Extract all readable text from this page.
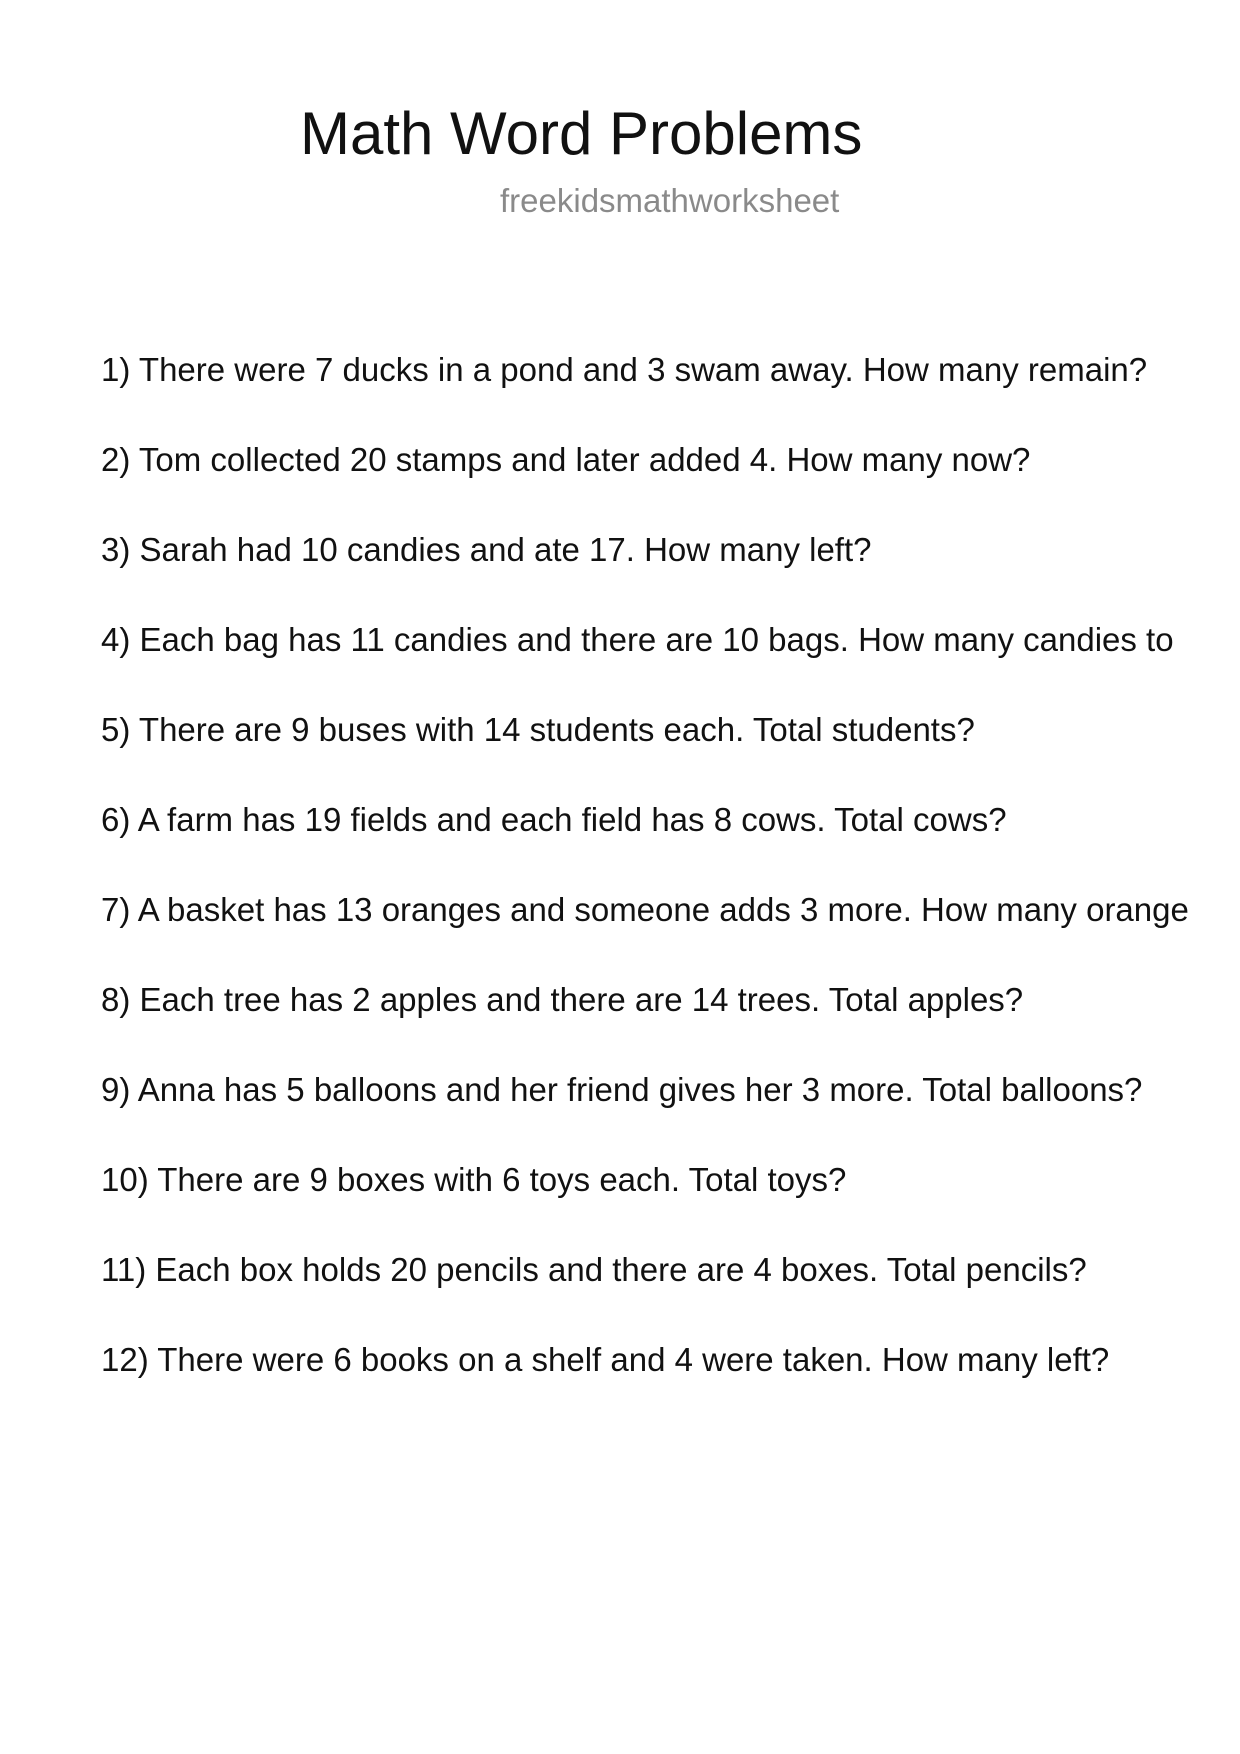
Math Word Problems
freekidsmathworksheet
1) There were 7 ducks in a pond and 3 swam away. How many remain?
2) Tom collected 20 stamps and later added 4. How many now?
3) Sarah had 10 candies and ate 17. How many left?
4) Each bag has 11 candies and there are 10 bags. How many candies to
5) There are 9 buses with 14 students each. Total students?
6) A farm has 19 fields and each field has 8 cows. Total cows?
7) A basket has 13 oranges and someone adds 3 more. How many orange
8) Each tree has 2 apples and there are 14 trees. Total apples?
9) Anna has 5 balloons and her friend gives her 3 more. Total balloons?
10) There are 9 boxes with 6 toys each. Total toys?
11) Each box holds 20 pencils and there are 4 boxes. Total pencils?
12) There were 6 books on a shelf and 4 were taken. How many left?
